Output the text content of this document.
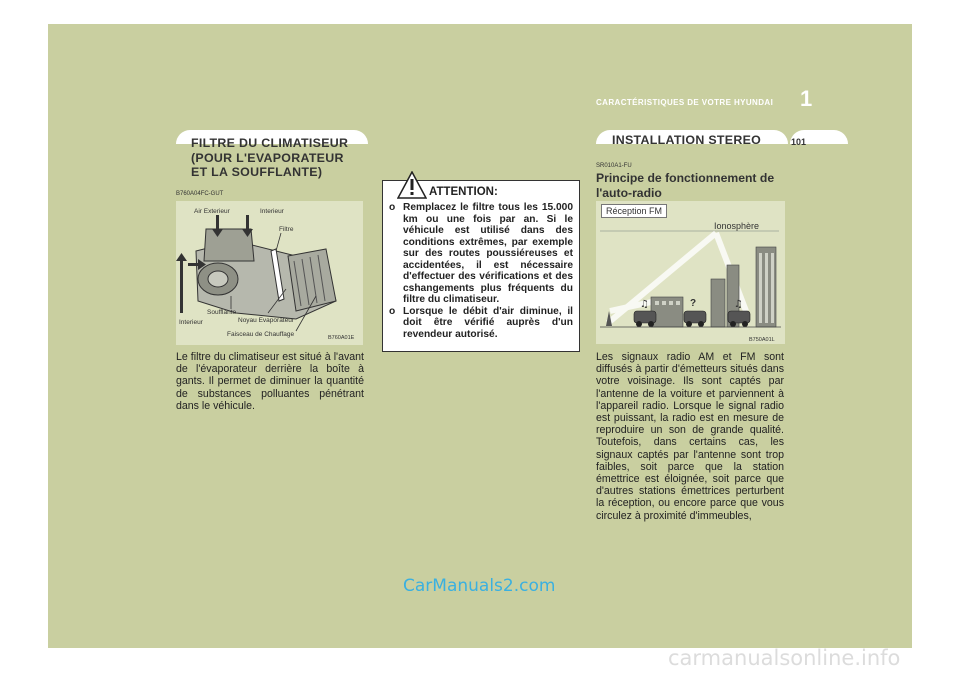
CARACTÉRISTIQUES DE VOTRE HYUNDAI 1
FILTRE DU CLIMATISEUR (POUR L'EVAPORATEUR ET LA SOUFFLANTE)
B760A04FC-GUT
Air Exterieur	Interieur
Filtre
Soufflante
Noyau Evaporateur
Interieur
Faisceau de Chauffage	B760A01E
Le filtre du climatiseur est situé à l'avant de l'évaporateur derrière la boîte à gants. Il permet de diminuer la quantité de substances polluantes pénétrant dans le véhicule.
ATTENTION:
o Remplacez le filtre tous les 15.000 km ou une fois par an. Si le véhicule est utilisé dans des conditions extrêmes, par exemple sur des routes poussiéreuses et accidentées, il est nécessaire d'effectuer des vérifications et des cshangements plus fréquents du filtre du climatiseur.
o Lorsque le débit d'air diminue, il doit être vérifié auprès d'un revendeur autorisé.
INSTALLATION STEREO	101
SR010A1-FU
Principe de fonctionnement de l'auto-radio
♫	♫
Réception FM
Ionosphère
?
B750A01L
Les signaux radio AM et FM sont diffusés à partir d'émetteurs situés dans votre voisinage. Ils sont captés par l'antenne de la voiture et parviennent à l'appareil radio. Lorsque le signal radio est puissant, la radio est en mesure de reproduire un son de grande qualité. Toutefois, dans certains cas, les signaux captés par l'antenne sont trop faibles, soit parce que la station émettrice est éloignée, soit parce que d'autres stations émettrices perturbent la réception, ou encore parce que vous circulez à proximité d'immeubles,
CarManuals2.com
carmanualsonline.info
